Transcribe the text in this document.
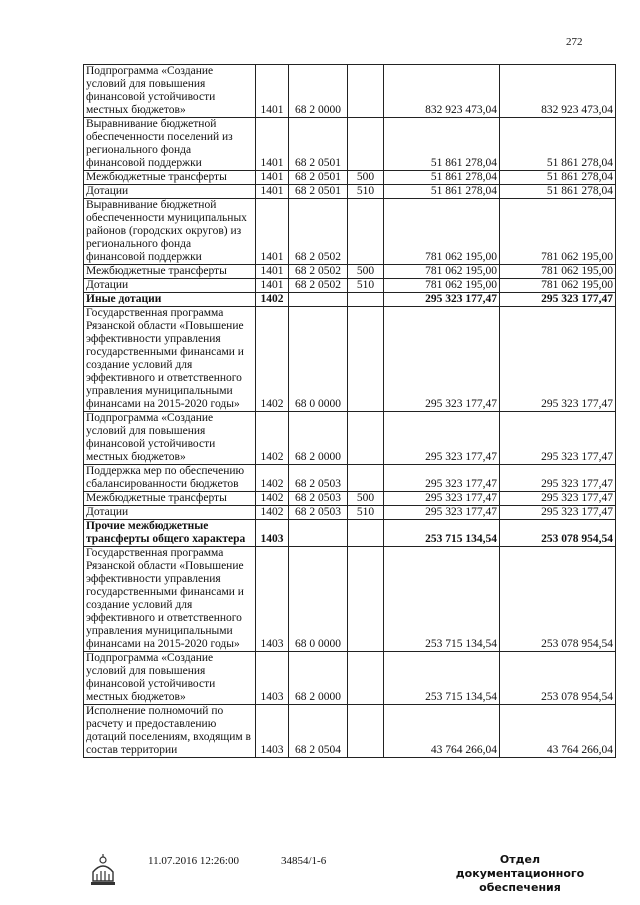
272
Подпрограмма «Создание условий для повышения финансовой устойчивости местных бюджетов»	1401	68 2 0000		832 923 473,04	832 923 473,04
Выравнивание бюджетной обеспеченности поселений из регионального фонда финансовой поддержки	1401	68 2 0501		51 861 278,04	51 861 278,04
Межбюджетные трансферты	1401	68 2 0501	500	51 861 278,04	51 861 278,04
Дотации	1401	68 2 0501	510	51 861 278,04	51 861 278,04
Выравнивание бюджетной обеспеченности муниципальных районов (городских округов) из регионального фонда финансовой поддержки	1401	68 2 0502		781 062 195,00	781 062 195,00
Межбюджетные трансферты	1401	68 2 0502	500	781 062 195,00	781 062 195,00
Дотации	1401	68 2 0502	510	781 062 195,00	781 062 195,00
Иные дотации	1402			295 323 177,47	295 323 177,47
Государственная программа Рязанской области «Повышение эффективности управления государственными финансами и создание условий для эффективного и ответственного управления муниципальными финансами на 2015-2020 годы»	1402	68 0 0000		295 323 177,47	295 323 177,47
Подпрограмма «Создание условий для повышения финансовой устойчивости местных бюджетов»	1402	68 2 0000		295 323 177,47	295 323 177,47
Поддержка мер по обеспечению сбалансированности бюджетов	1402	68 2 0503		295 323 177,47	295 323 177,47
Межбюджетные трансферты	1402	68 2 0503	500	295 323 177,47	295 323 177,47
Дотации	1402	68 2 0503	510	295 323 177,47	295 323 177,47
Прочие межбюджетные трансферты общего характера	1403			253 715 134,54	253 078 954,54
Государственная программа Рязанской области «Повышение эффективности управления государственными финансами и создание условий для эффективного и ответственного управления муниципальными финансами на 2015-2020 годы»	1403	68 0 0000		253 715 134,54	253 078 954,54
Подпрограмма «Создание условий для повышения финансовой устойчивости местных бюджетов»	1403	68 2 0000		253 715 134,54	253 078 954,54
Исполнение полномочий по расчету и предоставлению дотаций поселениям, входящим в состав территории	1403	68 2 0504		43 764 266,04	43 764 266,04
11.07.2016 12:26:00	34854/1-6	Отдел документационного
обеспечения
